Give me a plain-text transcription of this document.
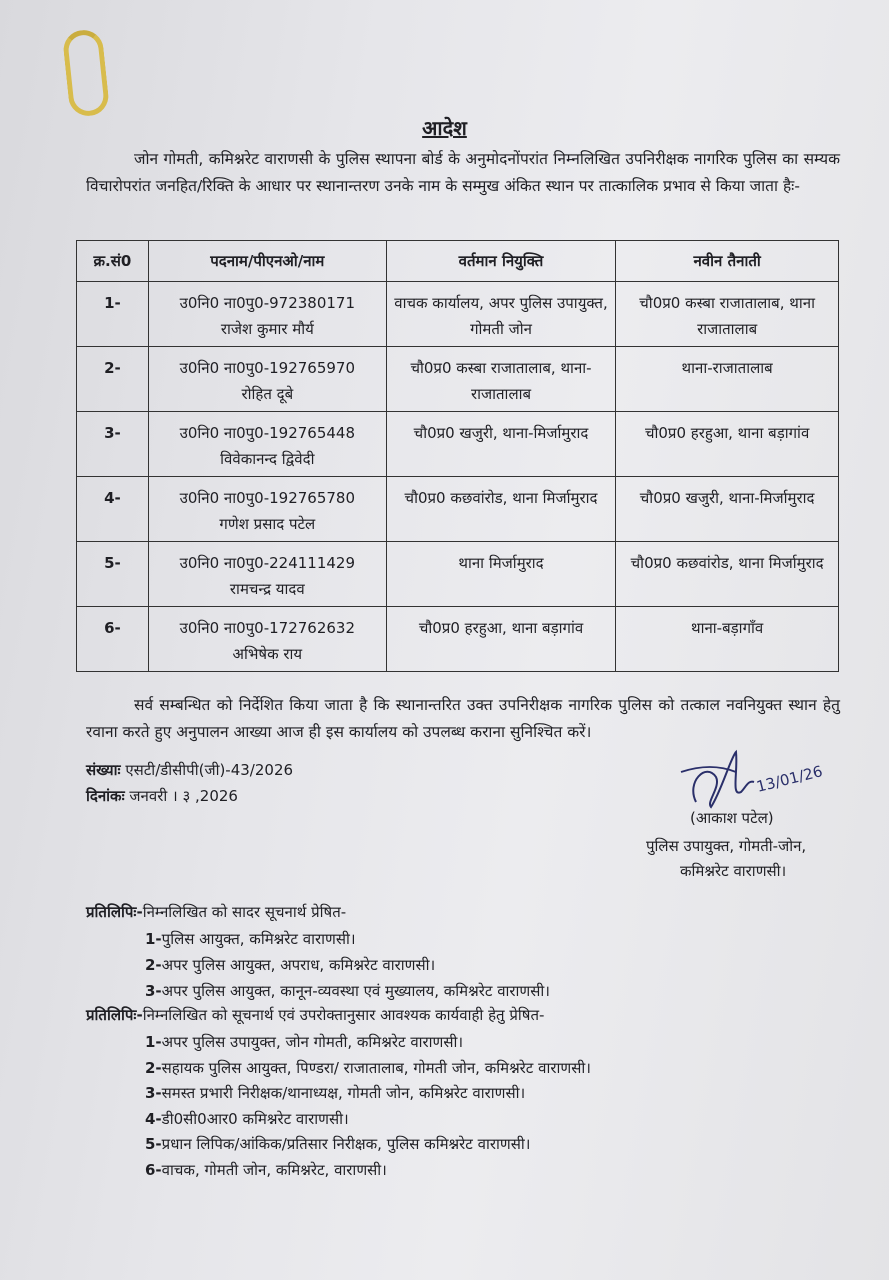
आदेश
जोन गोमती, कमिश्नरेट वाराणसी के पुलिस स्थापना बोर्ड के अनुमोदनोंपरांत निम्नलिखित उपनिरीक्षक नागरिक पुलिस का सम्यक विचारोपरांत जनहित/रिक्ति के आधार पर स्थानान्तरण उनके नाम के सम्मुख अंकित स्थान पर तात्कालिक प्रभाव से किया जाता हैः-
क्र.सं0	पदनाम/पीएनओ/नाम	वर्तमान नियुक्ति	नवीन तैनाती
1-	उ0नि0 ना0पु0-972380171
राजेश कुमार मौर्य	वाचक कार्यालय, अपर पुलिस उपायुक्त, गोमती जोन	चौ0प्र0 कस्बा राजातालाब, थाना राजातालाब
2-	उ0नि0 ना0पु0-192765970
रोहित दूबे	चौ0प्र0 कस्बा राजातालाब, थाना-राजातालाब	थाना-राजातालाब
3-	उ0नि0 ना0पु0-192765448
विवेकानन्द द्विवेदी	चौ0प्र0 खजुरी, थाना-मिर्जामुराद	चौ0प्र0 हरहुआ, थाना बड़ागांव
4-	उ0नि0 ना0पु0-192765780
गणेश प्रसाद पटेल	चौ0प्र0 कछवांरोड, थाना मिर्जामुराद	चौ0प्र0 खजुरी, थाना-मिर्जामुराद
5-	उ0नि0 ना0पु0-224111429
रामचन्द्र यादव	थाना मिर्जामुराद	चौ0प्र0 कछवांरोड, थाना मिर्जामुराद
6-	उ0नि0 ना0पु0-172762632
अभिषेक राय	चौ0प्र0 हरहुआ, थाना बड़ागांव	थाना-बड़ागाँव
सर्व सम्बन्धित को निर्देशित किया जाता है कि स्थानान्तरित उक्त उपनिरीक्षक नागरिक पुलिस को तत्काल नवनियुक्त स्थान हेतु रवाना करते हुए अनुपालन आख्या आज ही इस कार्यालय को उपलब्ध कराना सुनिश्चित करें।
संख्याः एसटी/डीसीपी(जी)-43/2026
दिनांकः जनवरी । ३ ,2026
13/01/26
(आकाश पटेल)
पुलिस उपायुक्त, गोमती-जोन,
कमिश्नरेट वाराणसी।
प्रतिलिपिः-निम्नलिखित को सादर सूचनार्थ प्रेषित-
1-पुलिस आयुक्त, कमिश्नरेट वाराणसी।
2-अपर पुलिस आयुक्त, अपराध, कमिश्नरेट वाराणसी।
3-अपर पुलिस आयुक्त, कानून-व्यवस्था एवं मुख्यालय, कमिश्नरेट वाराणसी।
प्रतिलिपिः-निम्नलिखित को सूचनार्थ एवं उपरोक्तानुसार आवश्यक कार्यवाही हेतु प्रेषित-
1-अपर पुलिस उपायुक्त, जोन गोमती, कमिश्नरेट वाराणसी।
2-सहायक पुलिस आयुक्त, पिण्डरा/ राजातालाब, गोमती जोन, कमिश्नरेट वाराणसी।
3-समस्त प्रभारी निरीक्षक/थानाध्यक्ष, गोमती जोन, कमिश्नरेट वाराणसी।
4-डी0सी0आर0 कमिश्नरेट वाराणसी।
5-प्रधान लिपिक/आंकिक/प्रतिसार निरीक्षक, पुलिस कमिश्नरेट वाराणसी।
6-वाचक, गोमती जोन, कमिश्नरेट, वाराणसी।
